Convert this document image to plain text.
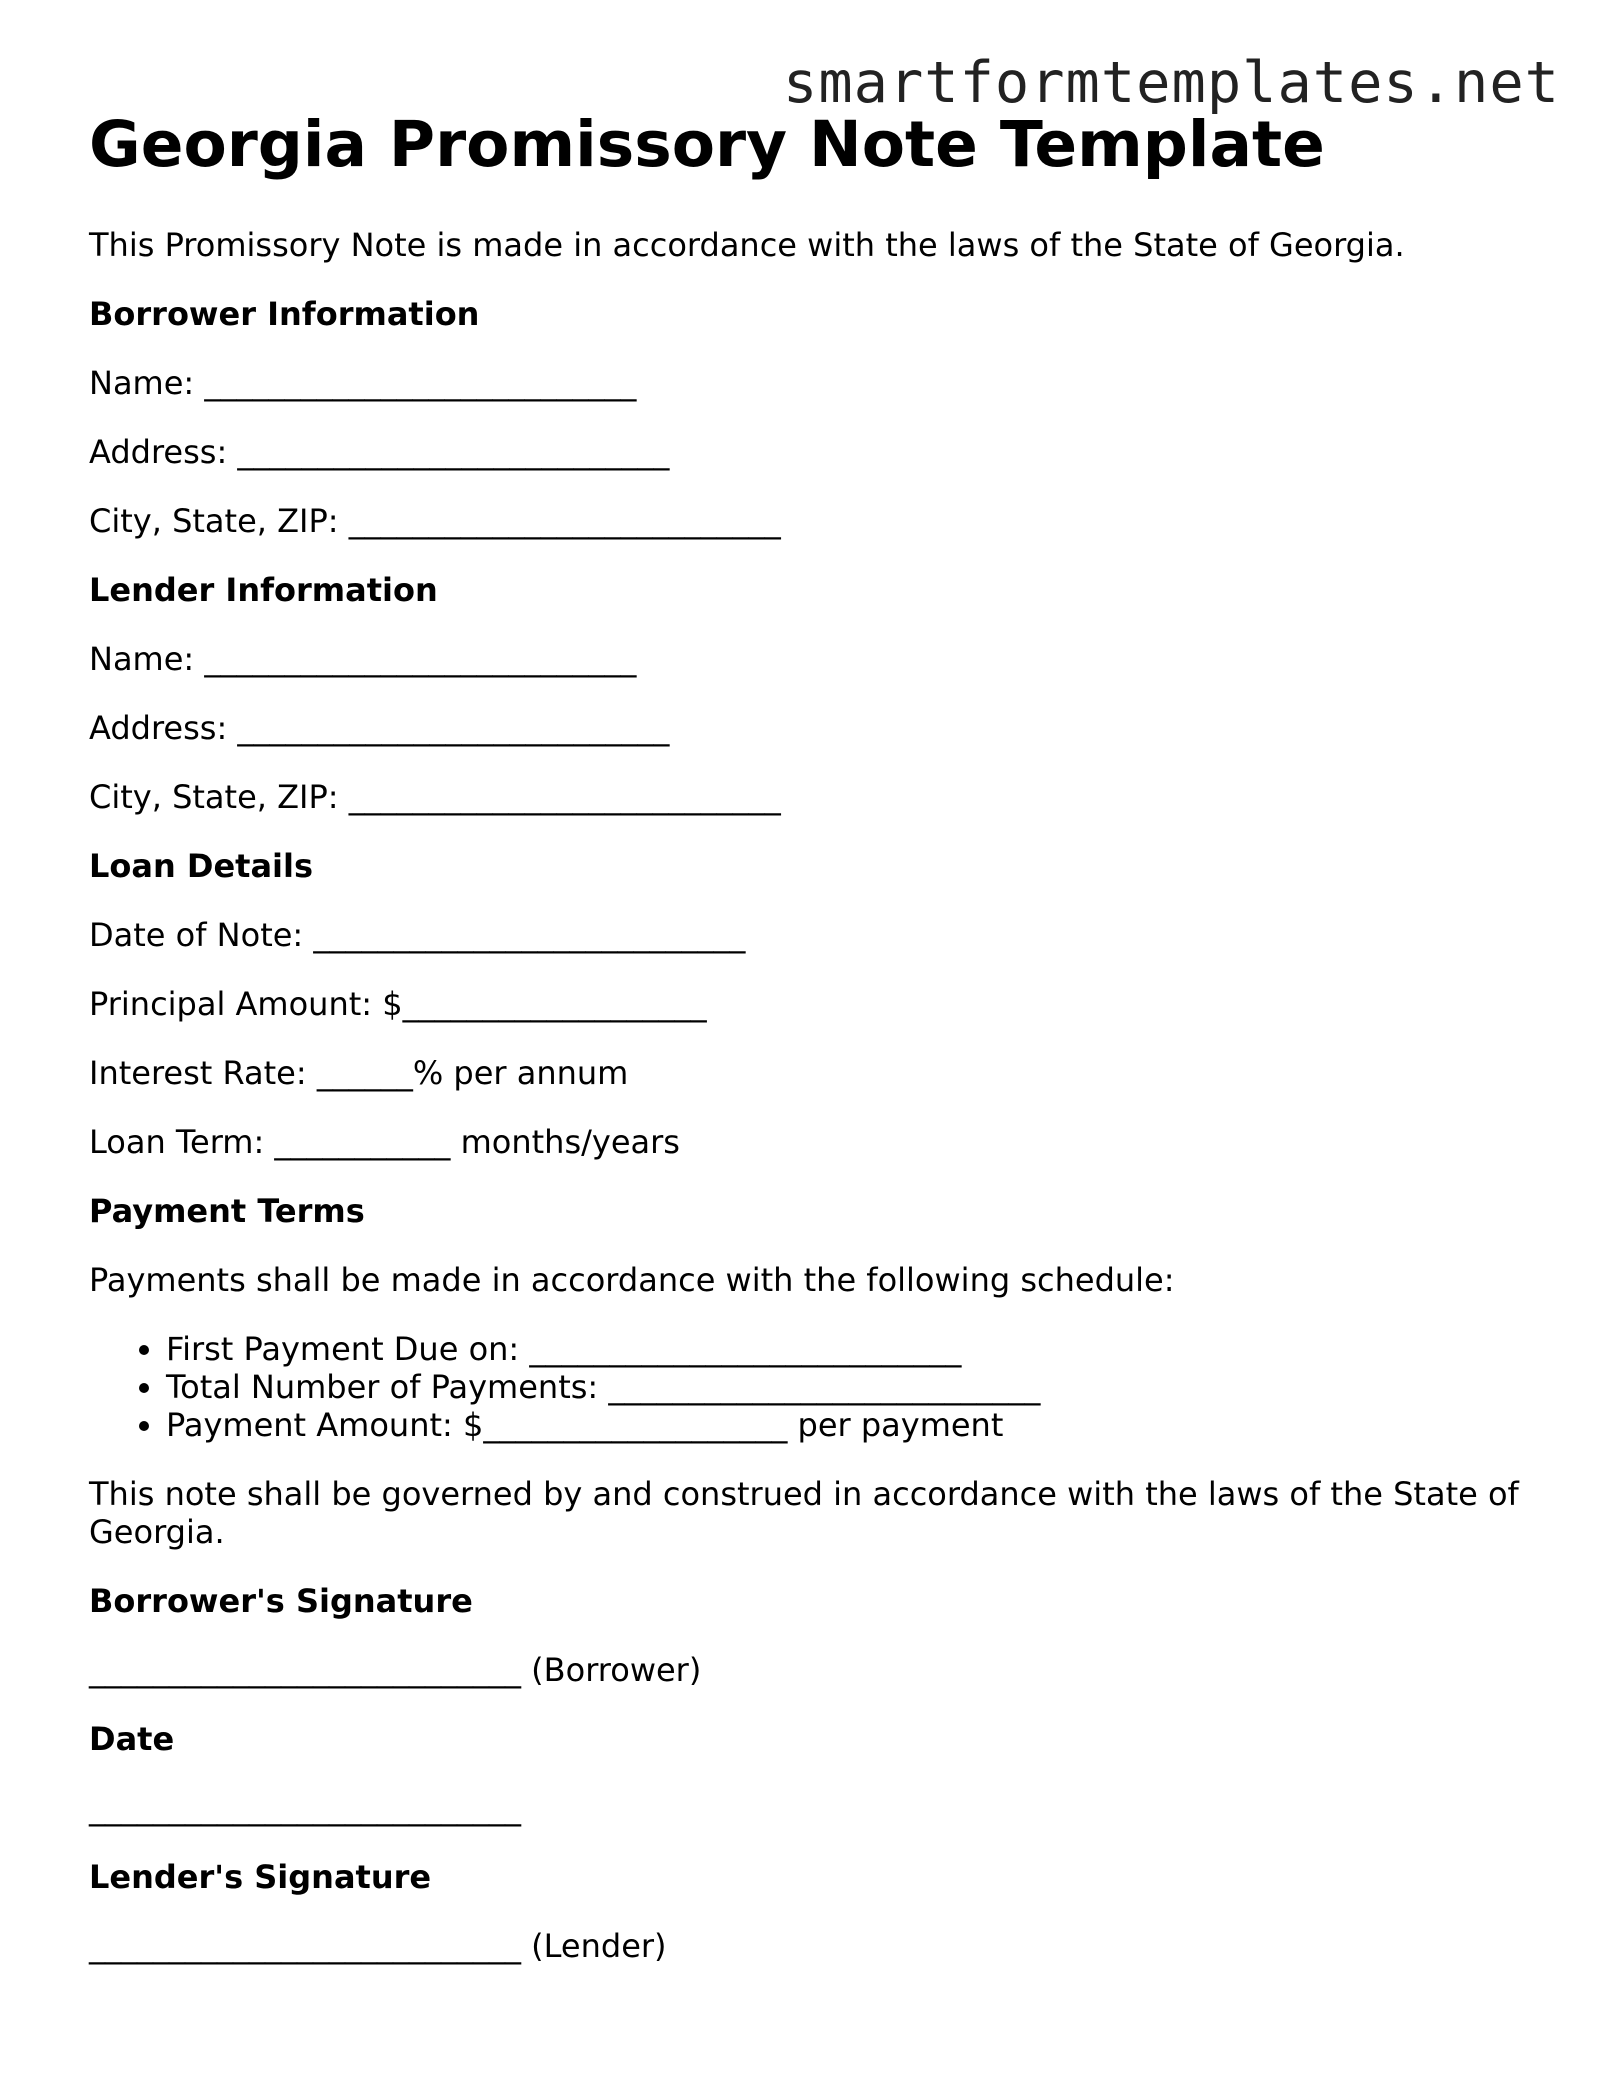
smartformtemplates.net
Georgia Promissory Note Template

This Promissory Note is made in accordance with the laws of the State of Georgia.

Borrower Information

Name: ___________________________

Address: ___________________________

City, State, ZIP: ___________________________

Lender Information

Name: ___________________________

Address: ___________________________

City, State, ZIP: ___________________________

Loan Details

Date of Note: ___________________________

Principal Amount: $___________________

Interest Rate: ______% per annum

Loan Term: ___________ months/years

Payment Terms

Payments shall be made in accordance with the following schedule:

• First Payment Due on: ___________________________
• Total Number of Payments: ___________________________
• Payment Amount: $___________________ per payment

This note shall be governed by and construed in accordance with the laws of the State of Georgia.

Borrower's Signature

___________________________ (Borrower)

Date

___________________________

Lender's Signature

___________________________ (Lender)
